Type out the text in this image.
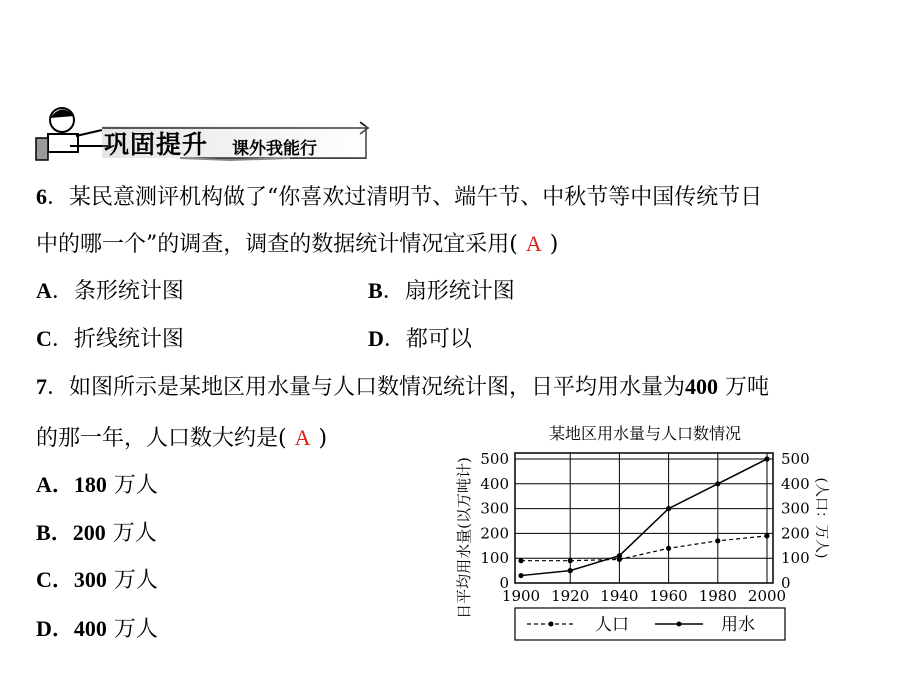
巩固提升 课外我能行
6．某民意测评机构做了“你喜欢过清明节、端午节、中秋节等中国传统节日
中的哪一个”的调查，调查的数据统计情况宜采用( A )
A．条形统计图	B．扇形统计图
C．折线统计图	D．都可以
7．如图所示是某地区用水量与人口数情况统计图，日平均用水量为400 万吨
的那一年，人口数大约是( A )
A．180 万人
B．200 万人
C．300 万人
D．400 万人
某地区用水量与人口数情况
0
100
200
300
400
500
0
100
200
300
400
500
1900 1920 1940 1960 1980 2000
日平均用水量(以万吨计)	(人口：万人)
人口	用水
